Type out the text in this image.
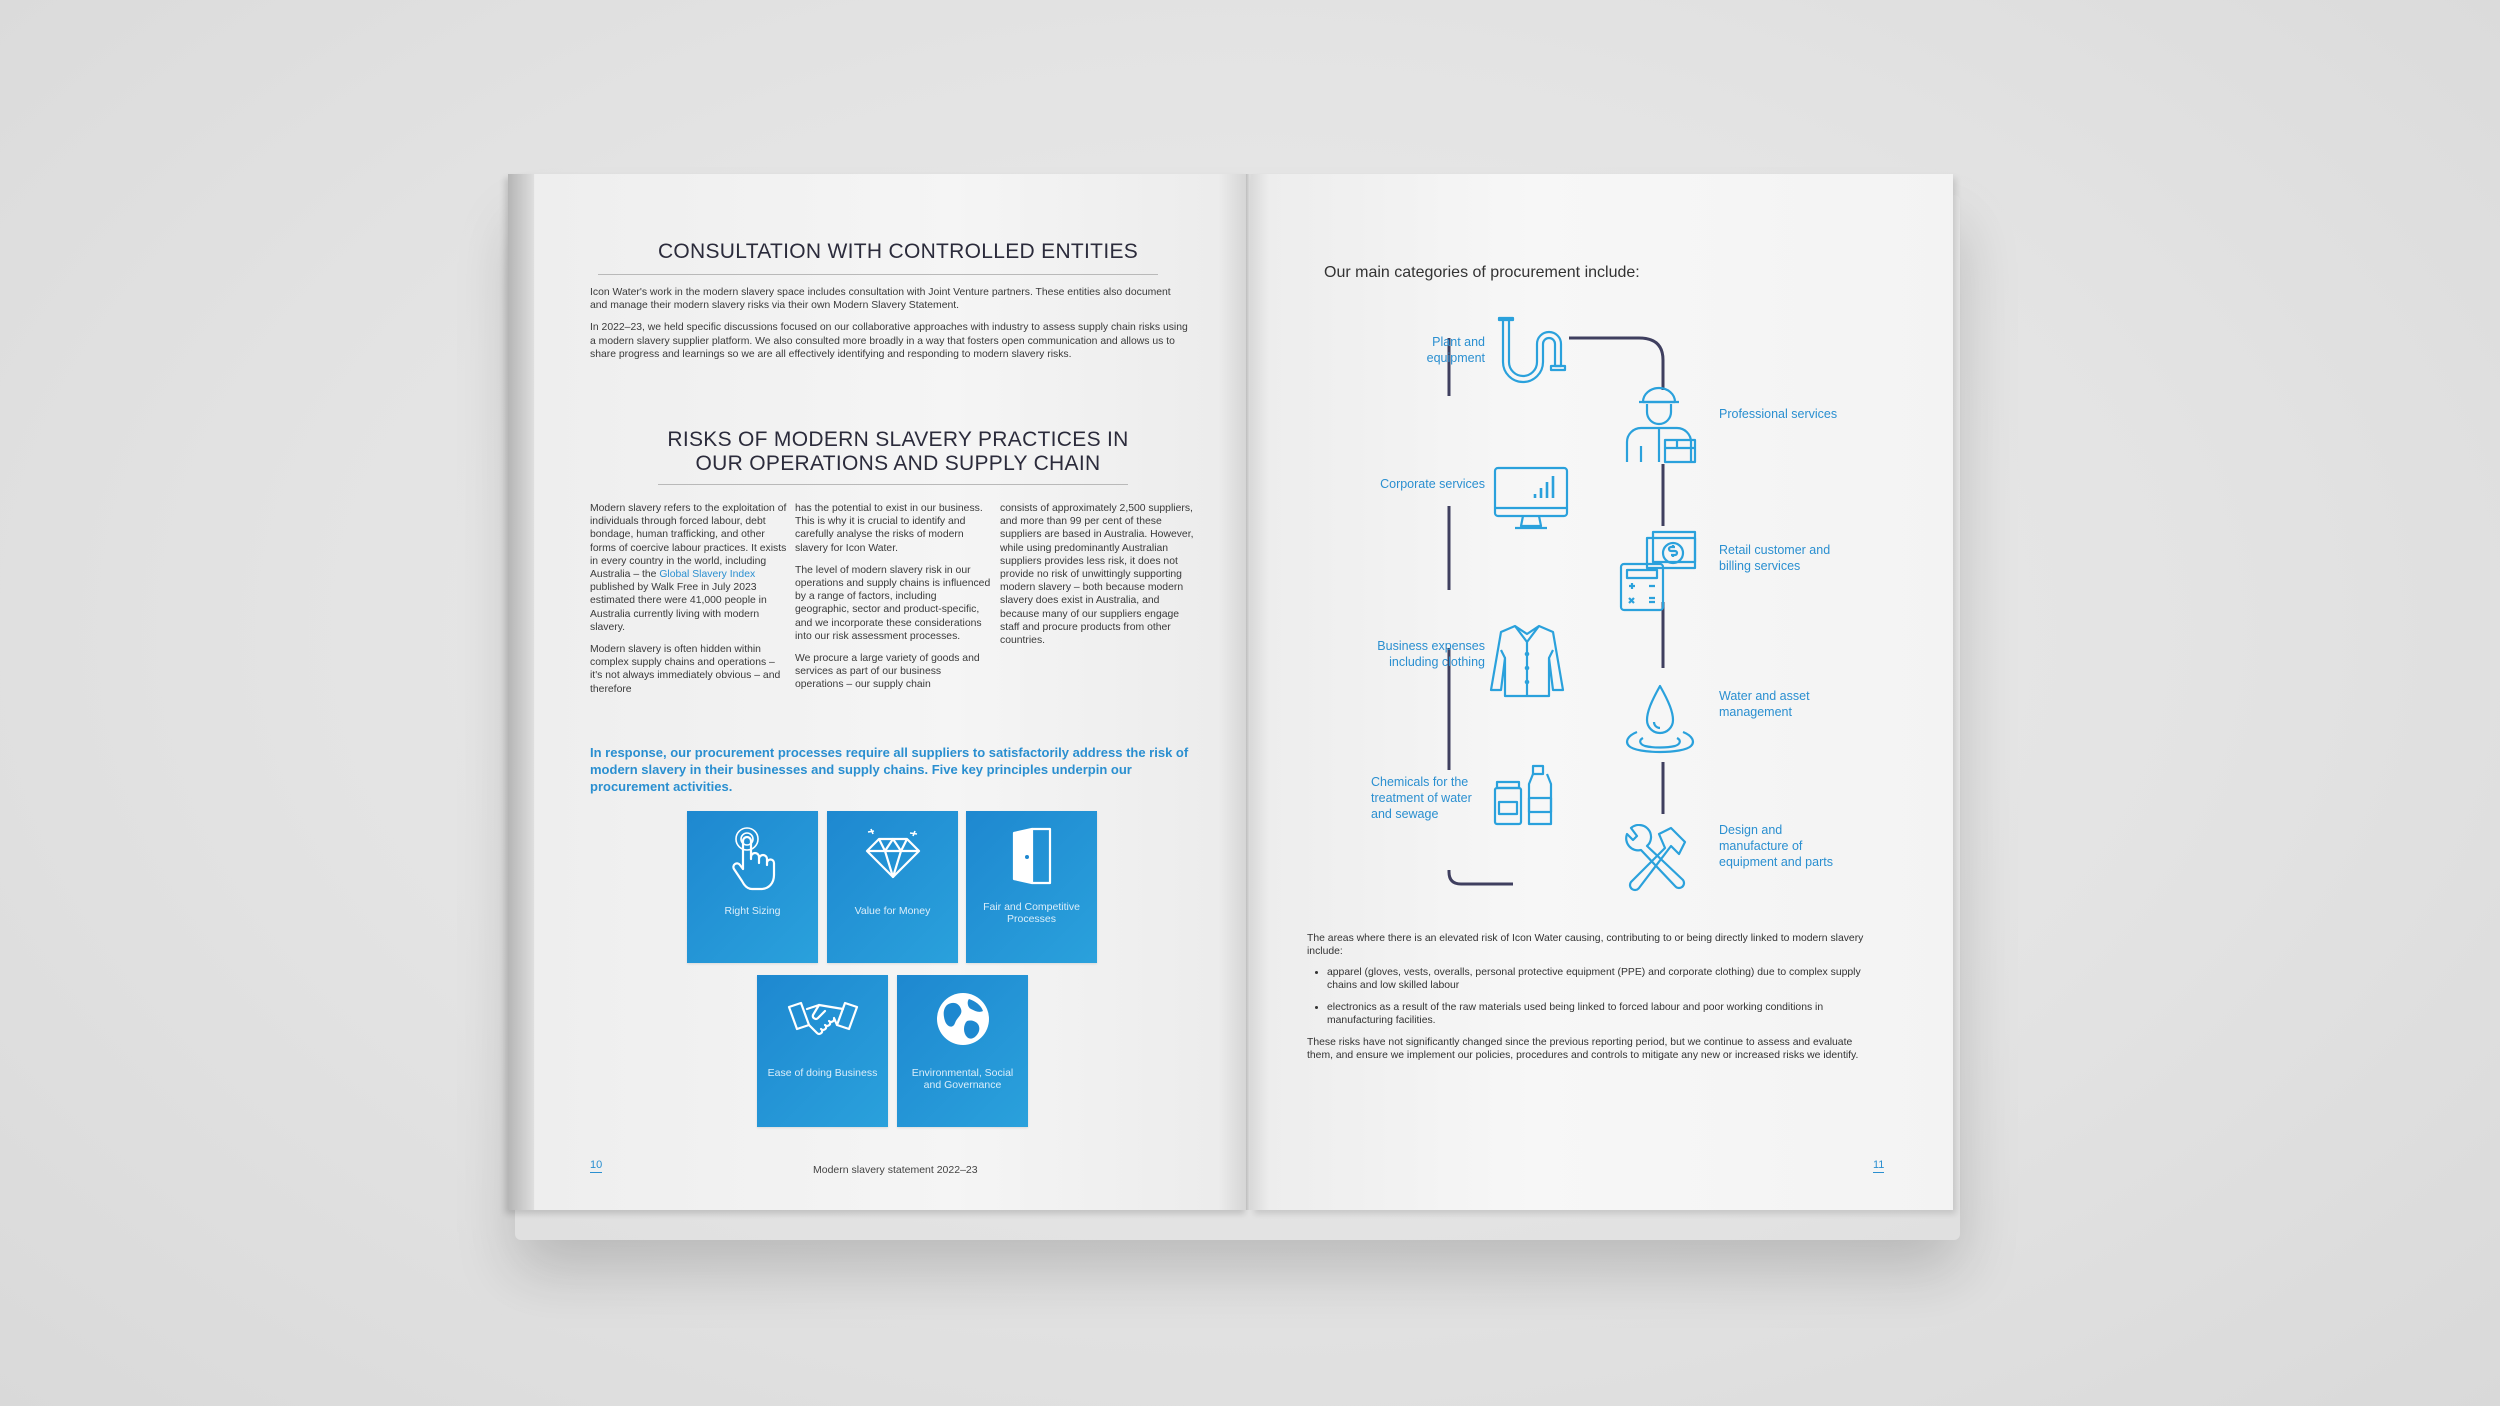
CONSULTATION WITH CONTROLLED ENTITIES

Icon Water's work in the modern slavery space includes consultation with Joint Venture partners. These entities also document and manage their modern slavery risks via their own Modern Slavery Statement.

In 2022–23, we held specific discussions focused on our collaborative approaches with industry to assess supply chain risks using a modern slavery supplier platform. We also consulted more broadly in a way that fosters open communication and allows us to share progress and learnings so we are all effectively identifying and responding to modern slavery risks.

RISKS OF MODERN SLAVERY PRACTICES IN
OUR OPERATIONS AND SUPPLY CHAIN

Modern slavery refers to the exploitation of individuals through forced labour, debt bondage, human trafficking, and other forms of coercive labour practices. It exists in every country in the world, including Australia – the Global Slavery Index published by Walk Free in July 2023 estimated there were 41,000 people in Australia currently living with modern slavery.

Modern slavery is often hidden within complex supply chains and operations – it's not always immediately obvious – and therefore

has the potential to exist in our business. This is why it is crucial to identify and carefully analyse the risks of modern slavery for Icon Water.

The level of modern slavery risk in our operations and supply chains is influenced by a range of factors, including geographic, sector and product-specific, and we incorporate these considerations into our risk assessment processes.

We procure a large variety of goods and services as part of our business operations – our supply chain

consists of approximately 2,500 suppliers, and more than 99 per cent of these suppliers are based in Australia. However, while using predominantly Australian suppliers provides less risk, it does not provide no risk of unwittingly supporting modern slavery – both because modern slavery does exist in Australia, and because many of our suppliers engage staff and procure products from other countries.

In response, our procurement processes require all suppliers to satisfactorily address the risk of modern slavery in their businesses and supply chains. Five key principles underpin our procurement activities.
Right Sizing	Value for Money	Fair and Competitive Processes
Ease of doing Business	Environmental, Social and Governance
10	Modern slavery statement 2022–23
Our main categories of procurement include:
Plant and equipment
Professional services
Corporate services
Retail customer and billing services
Business expenses including clothing
Water and asset management
Chemicals for the treatment of water and sewage
Design and manufacture of equipment and parts

The areas where there is an elevated risk of Icon Water causing, contributing to or being directly linked to modern slavery include:

• apparel (gloves, vests, overalls, personal protective equipment (PPE) and corporate clothing) due to complex supply chains and low skilled labour
• electronics as a result of the raw materials used being linked to forced labour and poor working conditions in manufacturing facilities.

These risks have not significantly changed since the previous reporting period, but we continue to assess and evaluate them, and ensure we implement our policies, procedures and controls to mitigate any new or increased risks we identify.

11
